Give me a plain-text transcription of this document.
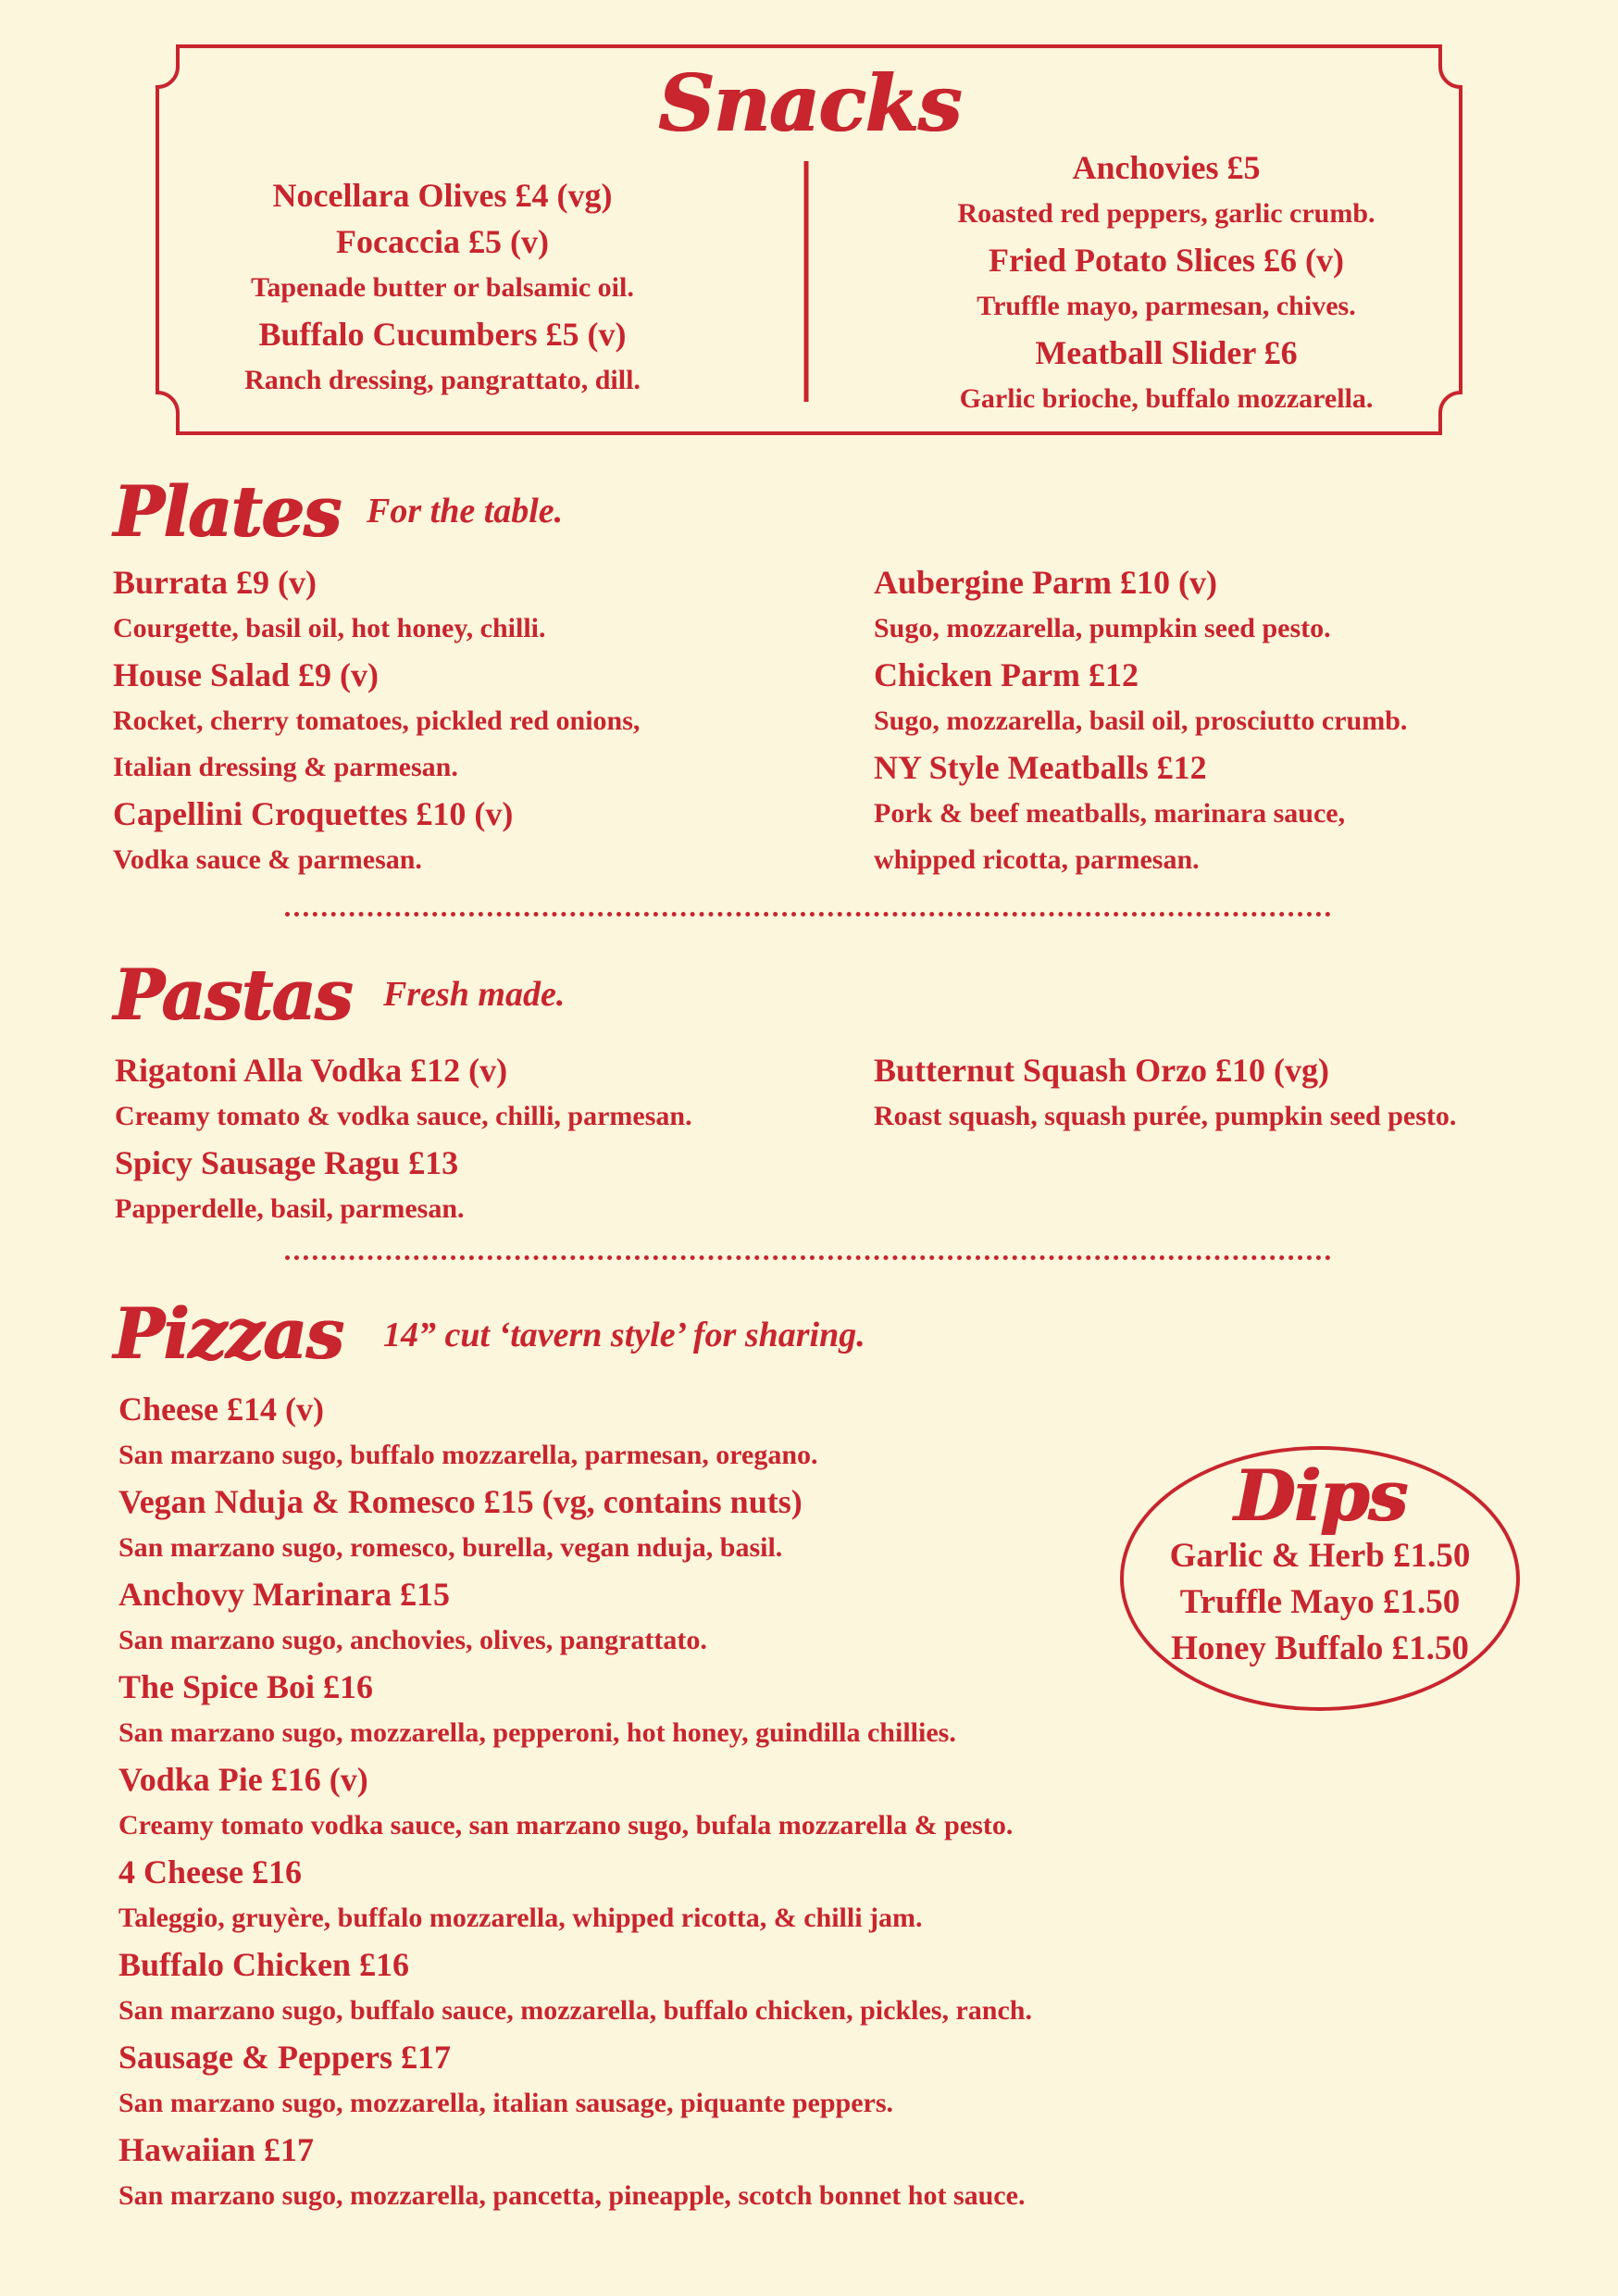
Snacks
Nocellara Olives £4 (vg)
Focaccia £5 (v)
Tapenade butter or balsamic oil.
Buffalo Cucumbers £5 (v)
Ranch dressing, pangrattato, dill.
Anchovies £5
Roasted red peppers, garlic crumb.
Fried Potato Slices £6 (v)
Truffle mayo, parmesan, chives.
Meatball Slider £6
Garlic brioche, buffalo mozzarella.
Plates For the table.
Burrata £9 (v)
Courgette, basil oil, hot honey, chilli.
House Salad £9 (v)
Rocket, cherry tomatoes, pickled red onions,
Italian dressing & parmesan.
Capellini Croquettes £10 (v)
Vodka sauce & parmesan.
Aubergine Parm £10 (v)
Sugo, mozzarella, pumpkin seed pesto.
Chicken Parm £12
Sugo, mozzarella, basil oil, prosciutto crumb.
NY Style Meatballs £12
Pork & beef meatballs, marinara sauce,
whipped ricotta, parmesan.
Pastas Fresh made.
Rigatoni Alla Vodka £12 (v)
Creamy tomato & vodka sauce, chilli, parmesan.
Spicy Sausage Ragu £13
Papperdelle, basil, parmesan.
Butternut Squash Orzo £10 (vg)
Roast squash, squash purée, pumpkin seed pesto.
Pizzas 14” cut ‘tavern style’ for sharing.
Cheese £14 (v)
San marzano sugo, buffalo mozzarella, parmesan, oregano.
Vegan Nduja & Romesco £15 (vg, contains nuts)
San marzano sugo, romesco, burella, vegan nduja, basil.
Anchovy Marinara £15
San marzano sugo, anchovies, olives, pangrattato.
The Spice Boi £16
San marzano sugo, mozzarella, pepperoni, hot honey, guindilla chillies.
Vodka Pie £16 (v)
Creamy tomato vodka sauce, san marzano sugo, bufala mozzarella & pesto.
4 Cheese £16
Taleggio, gruyère, buffalo mozzarella, whipped ricotta, & chilli jam.
Buffalo Chicken £16
San marzano sugo, buffalo sauce, mozzarella, buffalo chicken, pickles, ranch.
Sausage & Peppers £17
San marzano sugo, mozzarella, italian sausage, piquante peppers.
Hawaiian £17
San marzano sugo, mozzarella, pancetta, pineapple, scotch bonnet hot sauce.
Dips
Garlic & Herb £1.50
Truffle Mayo £1.50
Honey Buffalo £1.50
